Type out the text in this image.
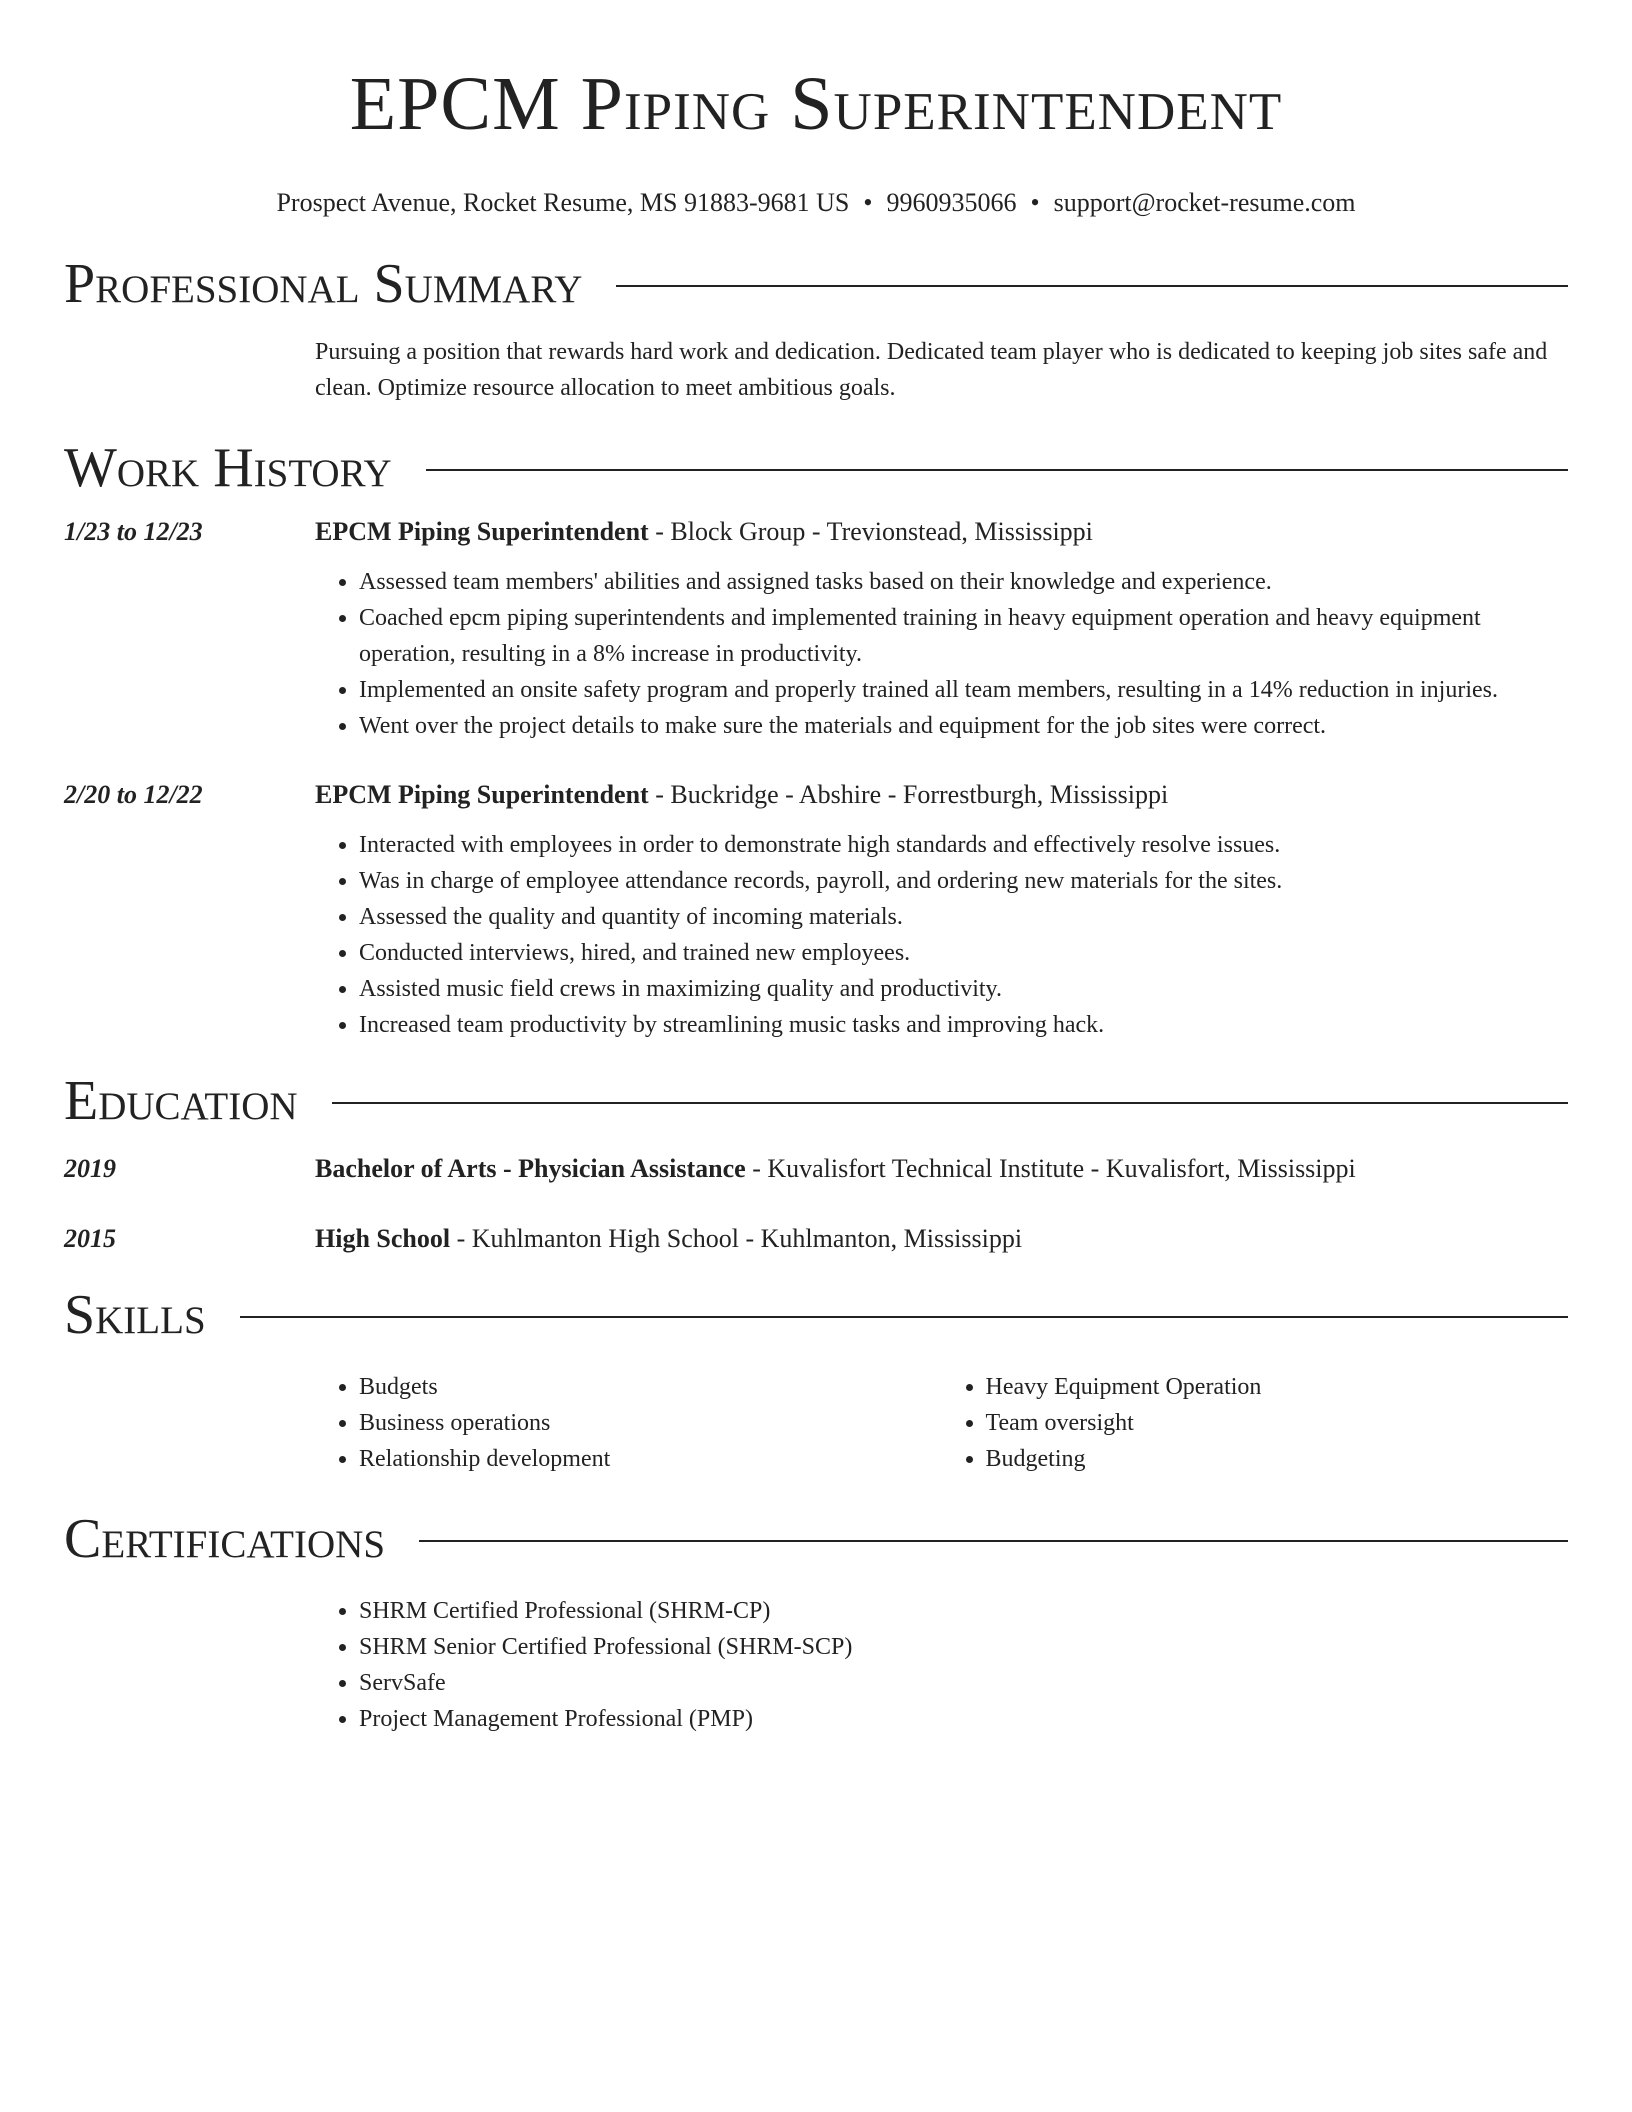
EPCM Piping Superintendent
Prospect Avenue, Rocket Resume, MS 91883-9681 US • 9960935066 • support@rocket-resume.com
Professional Summary

Pursuing a position that rewards hard work and dedication. Dedicated team player who is dedicated to keeping job sites safe and clean. Optimize resource allocation to meet ambitious goals.

Work History
1/23 to 12/23	EPCM Piping Superintendent - Block Group - Trevionstead, Mississippi
• Assessed team members' abilities and assigned tasks based on their knowledge and experience.
• Coached epcm piping superintendents and implemented training in heavy equipment operation and heavy equipment operation, resulting in a 8% increase in productivity.
• Implemented an onsite safety program and properly trained all team members, resulting in a 14% reduction in injuries.
• Went over the project details to make sure the materials and equipment for the job sites were correct.
2/20 to 12/22	EPCM Piping Superintendent - Buckridge - Abshire - Forrestburgh, Mississippi
• Interacted with employees in order to demonstrate high standards and effectively resolve issues.
• Was in charge of employee attendance records, payroll, and ordering new materials for the sites.
• Assessed the quality and quantity of incoming materials.
• Conducted interviews, hired, and trained new employees.
• Assisted music field crews in maximizing quality and productivity.
• Increased team productivity by streamlining music tasks and improving hack.
Education
2019	Bachelor of Arts - Physician Assistance - Kuvalisfort Technical Institute - Kuvalisfort, Mississippi
2015	High School - Kuhlmanton High School - Kuhlmanton, Mississippi
Skills
• Budgets
• Business operations
• Relationship development
• Heavy Equipment Operation
• Team oversight
• Budgeting
Certifications
• SHRM Certified Professional (SHRM-CP)
• SHRM Senior Certified Professional (SHRM-SCP)
• ServSafe
• Project Management Professional (PMP)
